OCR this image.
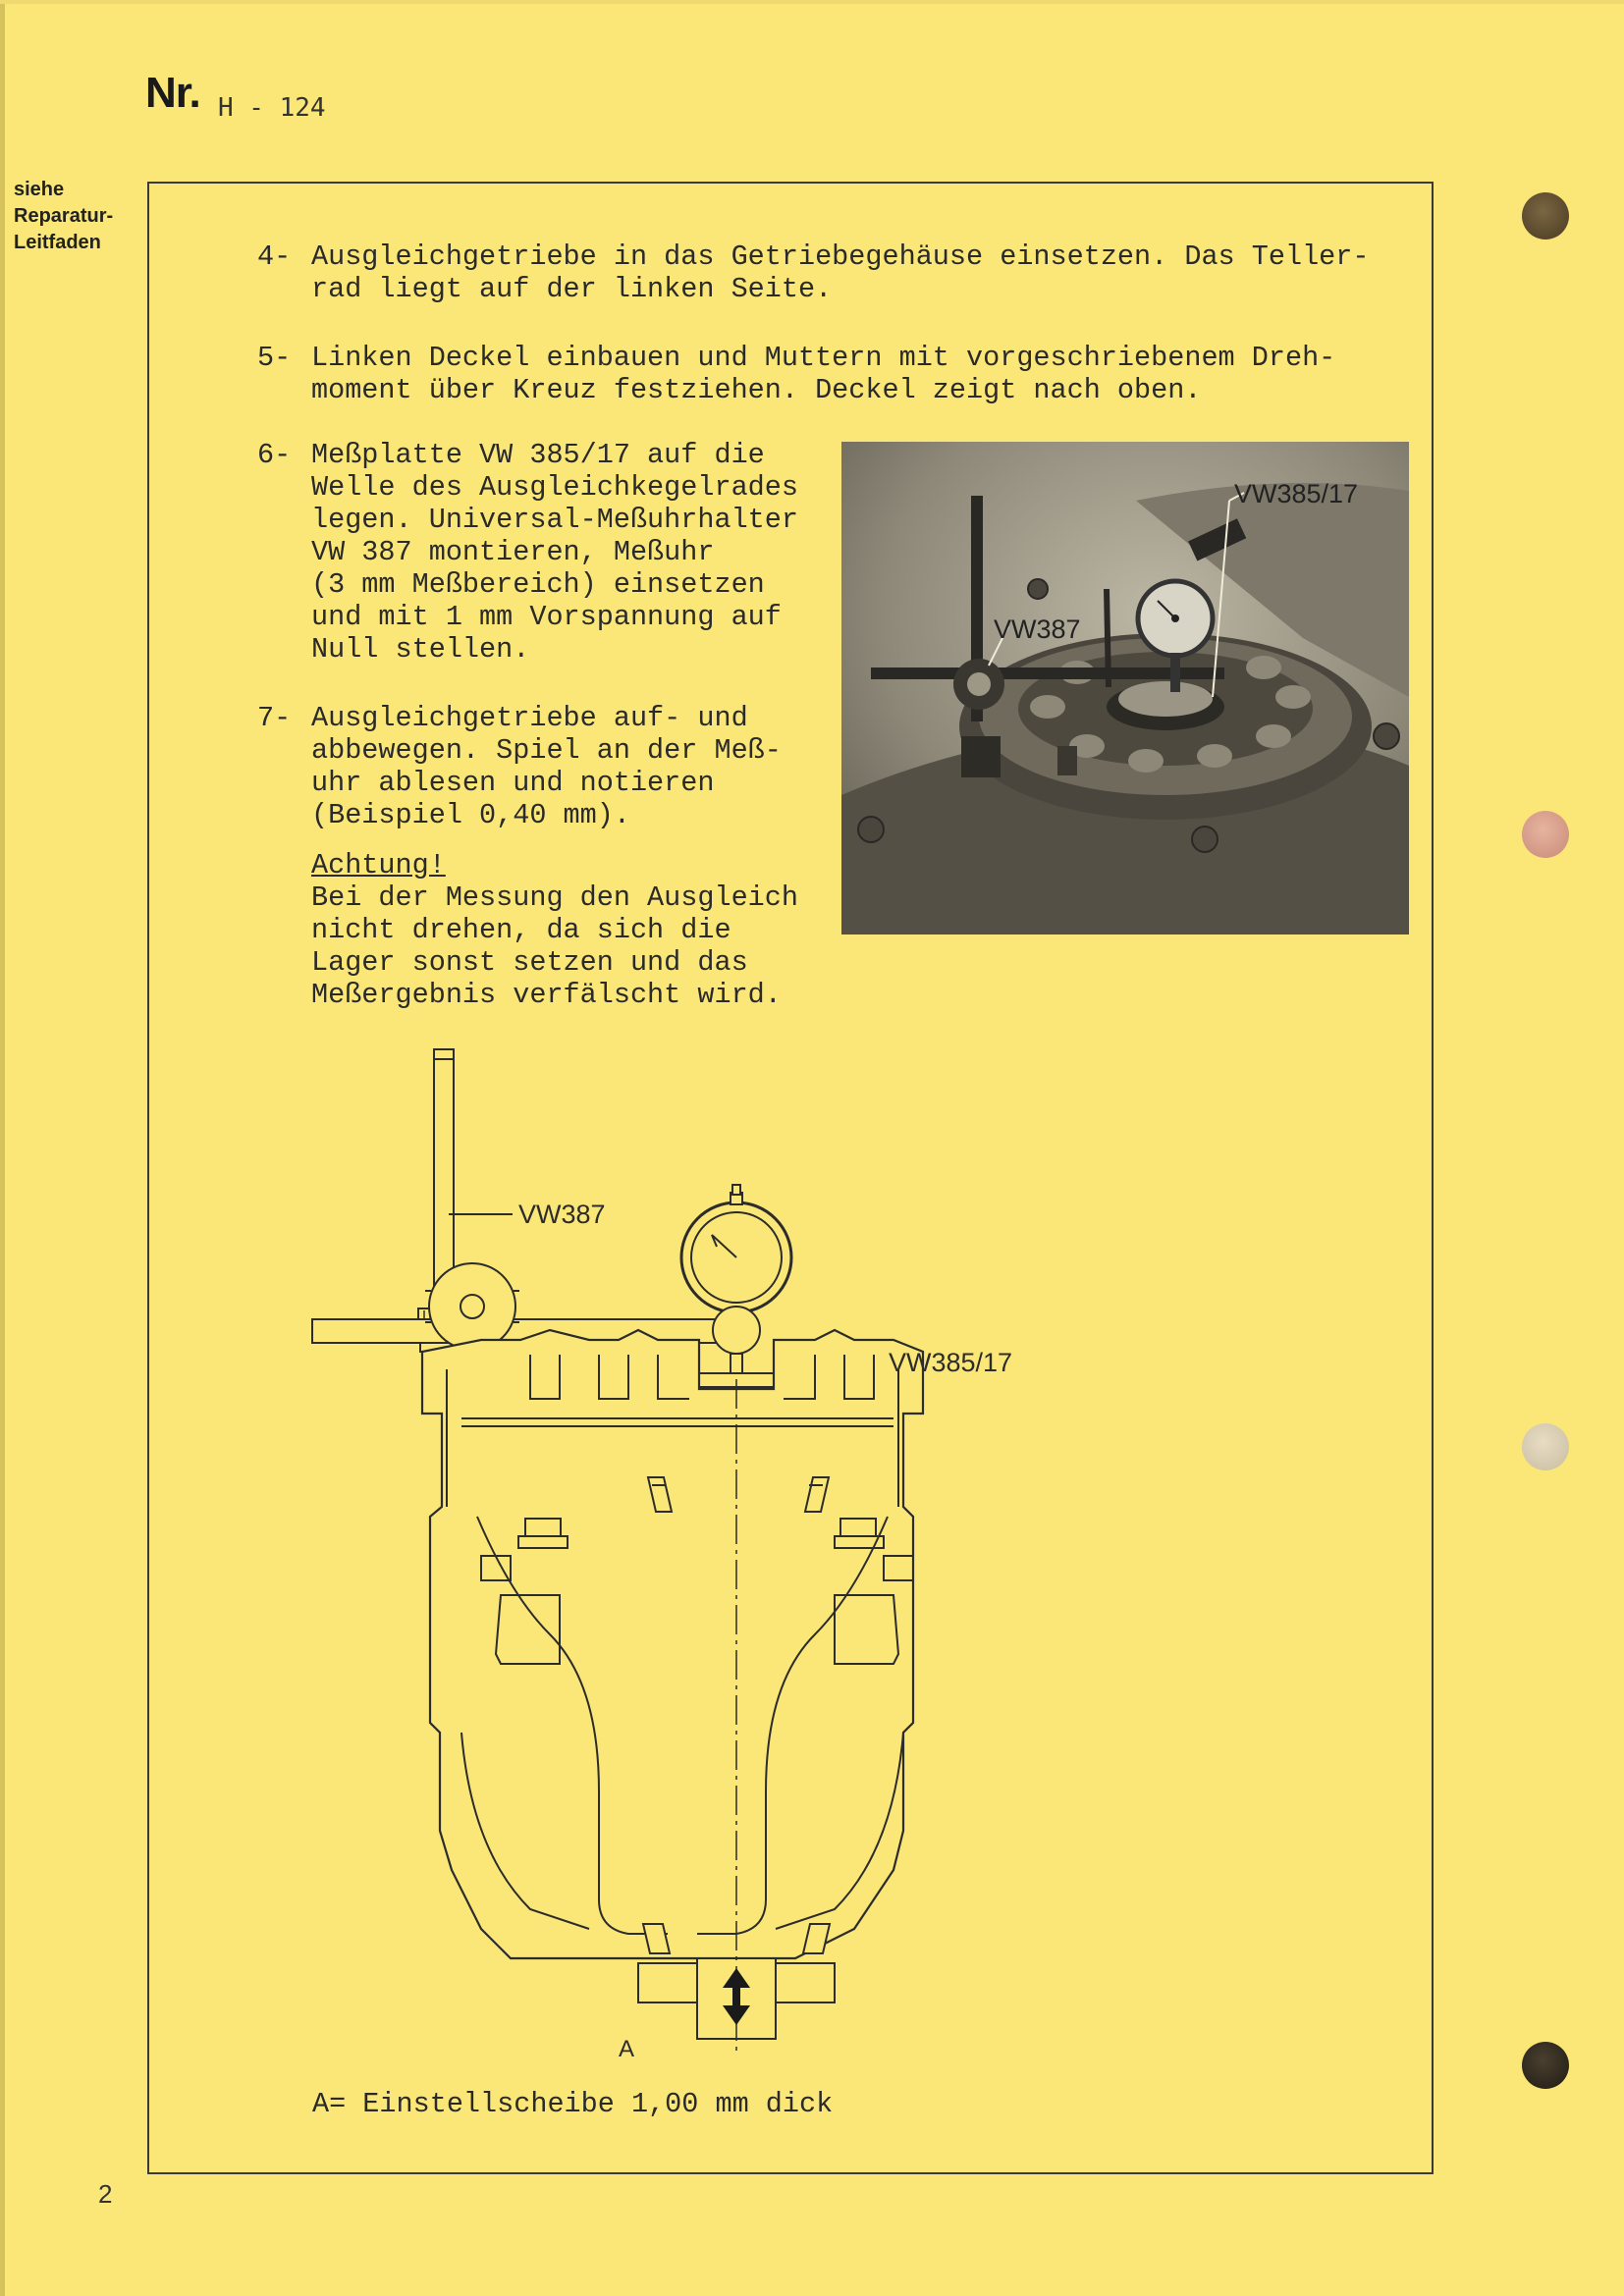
Nr. H - 124
siehe
Reparatur-
Leitfaden	4- Ausgleichgetriebe in das Getriebegehäuse einsetzen. Das Teller-
rad liegt auf der linken Seite.
5- Linken Deckel einbauen und Muttern mit vorgeschriebenem Dreh-
moment über Kreuz festziehen. Deckel zeigt nach oben.
6- Meßplatte VW 385/17 auf die
Welle des Ausgleichkegelrades
legen. Universal-Meßuhrhalter
VW 387 montieren, Meßuhr
(3 mm Meßbereich) einsetzen
und mit 1 mm Vorspannung auf
Null stellen.
7- Ausgleichgetriebe auf- und
abbewegen. Spiel an der Meß-
uhr ablesen und notieren
(Beispiel 0,40 mm).
Achtung!
Bei der Messung den Ausgleich
nicht drehen, da sich die
Lager sonst setzen und das
Meßergebnis verfälscht wird.
VW385/17
VW387
VW387
VW385/17
A
A= Einstellscheibe 1,00 mm dick
2
